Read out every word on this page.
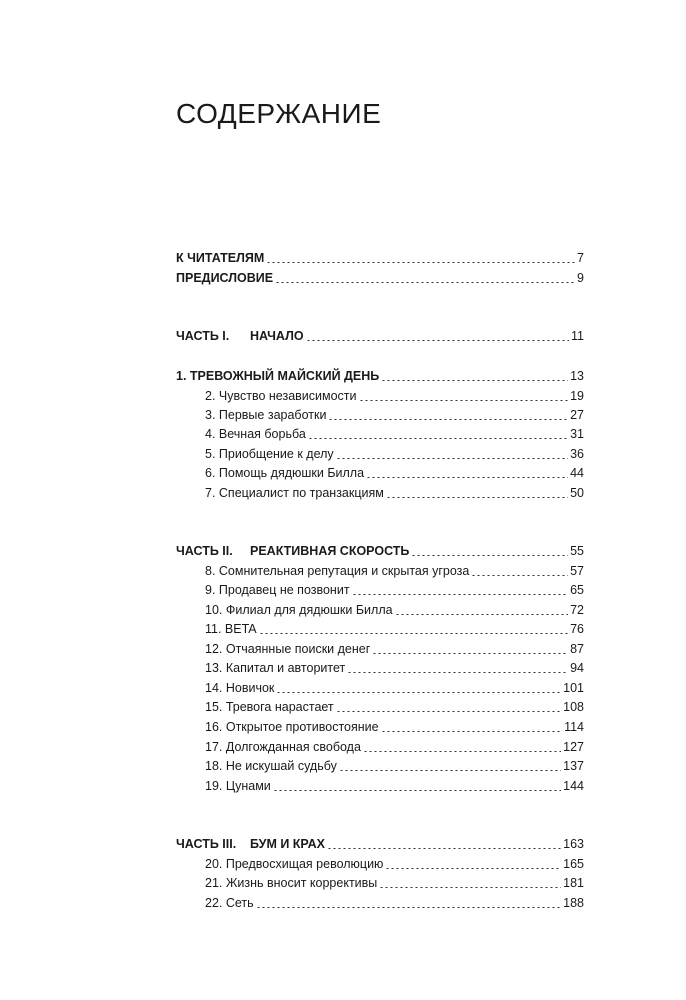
СОДЕРЖАНИЕ
К ЧИТАТЕЛЯМ	7
ПРЕДИСЛОВИЕ	9
ЧАСТЬ I. НАЧАЛО	11
1. ТРЕВОЖНЫЙ МАЙСКИЙ ДЕНЬ	13
2. Чувство независимости	19
3. Первые заработки	27
4. Вечная борьба	31
5. Приобщение к делу	36
6. Помощь дядюшки Билла	44
7. Специалист по транзакциям	50
ЧАСТЬ II. РЕАКТИВНАЯ СКОРОСТЬ	55
8. Сомнительная репутация и скрытая угроза	57
9. Продавец не позвонит	65
10. Филиал для дядюшки Билла	72
11. BETA	76
12. Отчаянные поиски денег	87
13. Капитал и авторитет	94
14. Новичок	101
15. Тревога нарастает	108
16. Открытое противостояние	114
17. Долгожданная свобода	127
18. Не искушай судьбу	137
19. Цунами	144
ЧАСТЬ III. БУМ И КРАХ	163
20. Предвосхищая революцию	165
21. Жизнь вносит коррективы	181
22. Сеть	188
